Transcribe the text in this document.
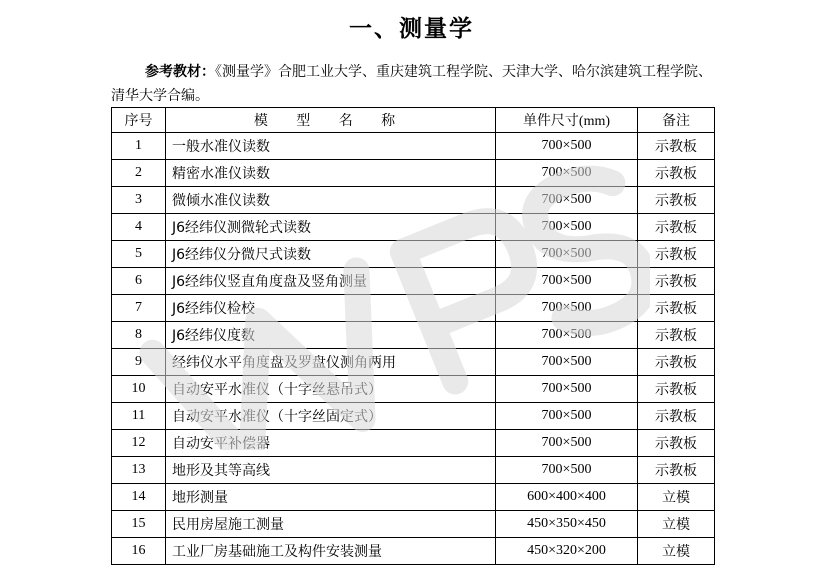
一、测量学
参考教材：《测量学》合肥工业大学、重庆建筑工程学院、天津大学、哈尔滨建筑工程学院、清华大学合编。
序号	模 型 名 称	单件尺寸(mm)	备注
1	一般水准仪读数	700×500	示教板
2	精密水准仪读数	700×500	示教板
3	微倾水准仪读数	700×500	示教板
4	J6经纬仪测微轮式读数	700×500	示教板
5	J6经纬仪分微尺式读数	700×500	示教板
6	J6经纬仪竖直角度盘及竖角测量	700×500	示教板
7	J6经纬仪检校	700×500	示教板
8	J6经纬仪度数	700×500	示教板
9	经纬仪水平角度盘及罗盘仪测角两用	700×500	示教板
10	自动安平水准仪（十字丝悬吊式）	700×500	示教板
11	自动安平水准仪（十字丝固定式）	700×500	示教板
12	自动安平补偿器	700×500	示教板
13	地形及其等高线	700×500	示教板
14	地形测量	600×400×400	立模
15	民用房屋施工测量	450×350×450	立模
16	工业厂房基础施工及构件安装测量	450×320×200	立模
